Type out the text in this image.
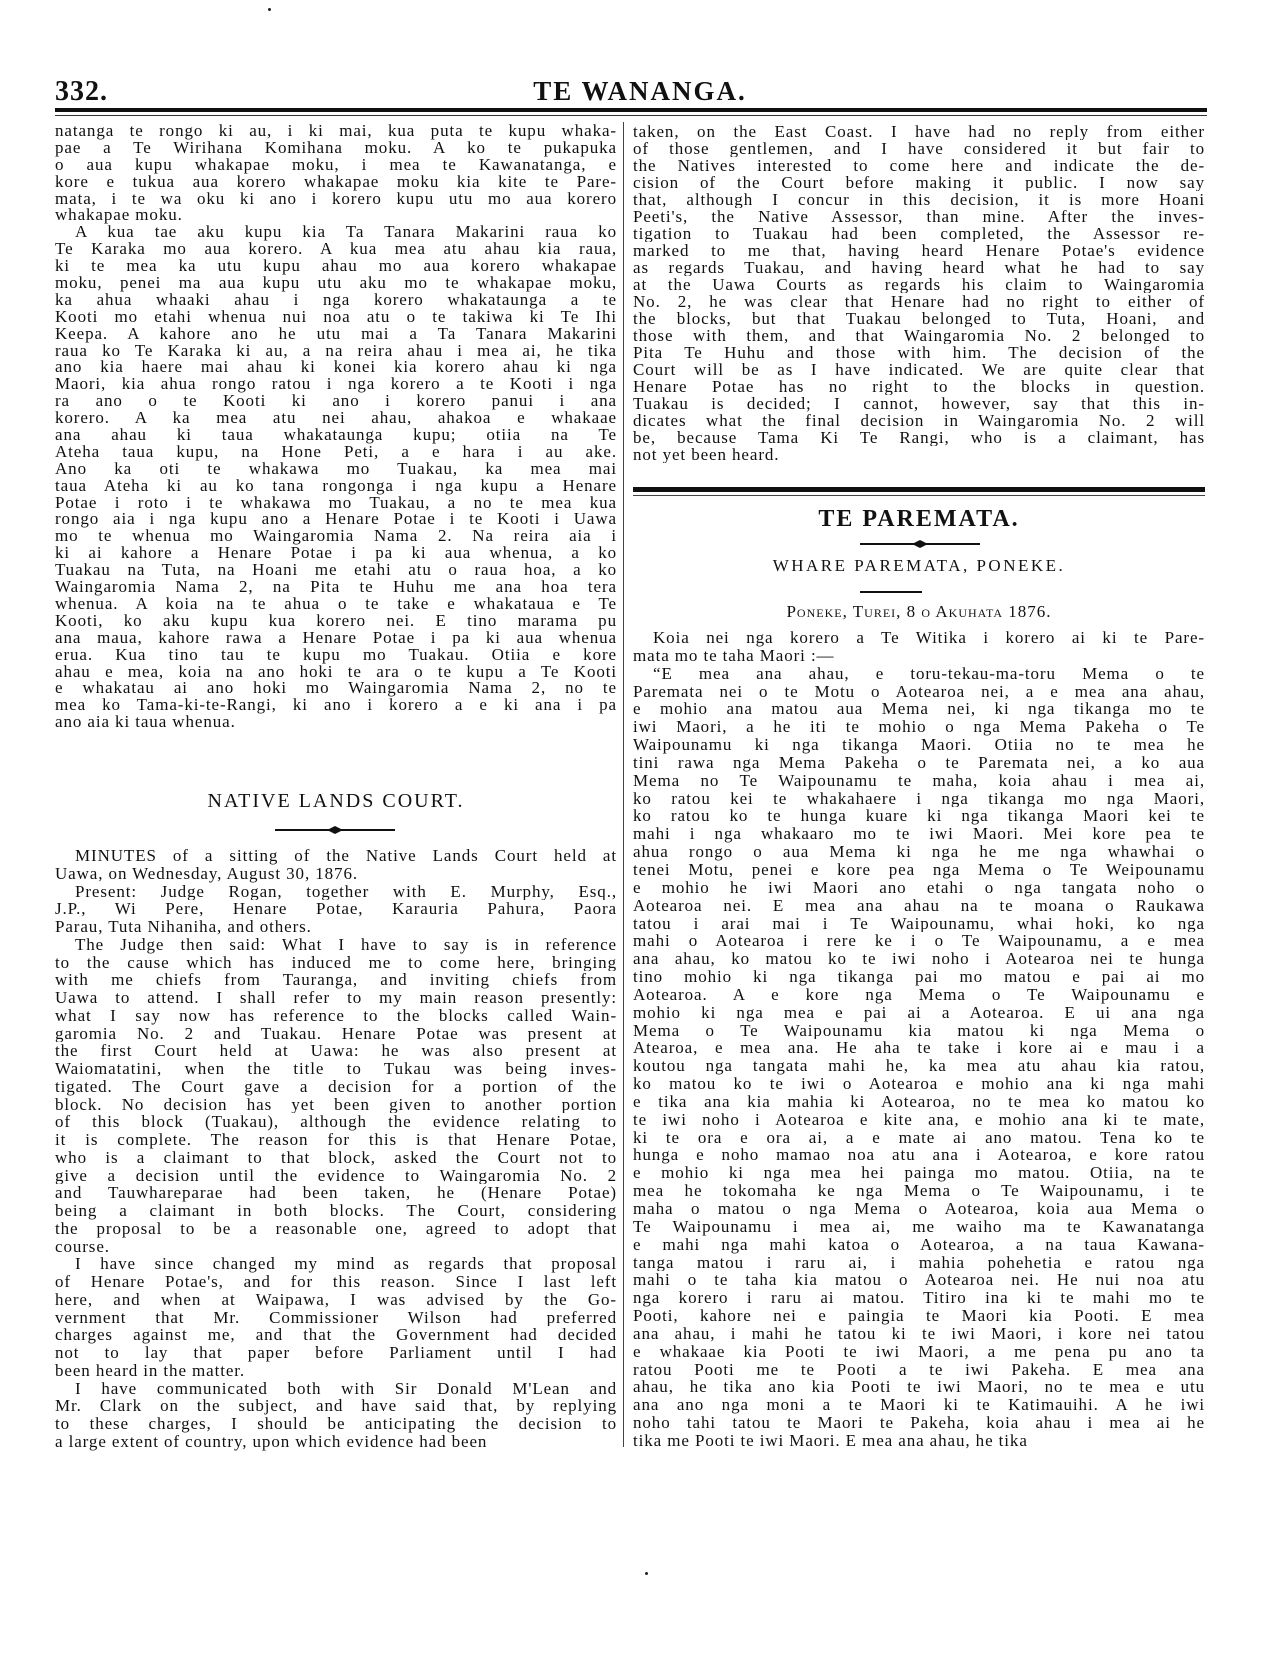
332.	TE WANANGA.
natanga te rongo ki au, i ki mai, kua puta te kupu whaka-
pae a Te Wirihana Komihana moku. A ko te pukapuka
o aua kupu whakapae moku, i mea te Kawanatanga, e
kore e tukua aua korero whakapae moku kia kite te Pare-
mata, i te wa oku ki ano i korero kupu utu mo aua korero
whakapae moku.
A kua tae aku kupu kia Ta Tanara Makarini raua ko
Te Karaka mo aua korero. A kua mea atu ahau kia raua,
ki te mea ka utu kupu ahau mo aua korero whakapae
moku, penei ma aua kupu utu aku mo te whakapae moku,
ka ahua whaaki ahau i nga korero whakataunga a te
Kooti mo etahi whenua nui noa atu o te takiwa ki Te Ihi
Keepa. A kahore ano he utu mai a Ta Tanara Makarini
raua ko Te Karaka ki au, a na reira ahau i mea ai, he tika
ano kia haere mai ahau ki konei kia korero ahau ki nga
Maori, kia ahua rongo ratou i nga korero a te Kooti i nga
ra ano o te Kooti ki ano i korero panui i ana
korero. A ka mea atu nei ahau, ahakoa e whakaae
ana ahau ki taua whakataunga kupu; otiia na Te
Ateha taua kupu, na Hone Peti, a e hara i au ake.
Ano ka oti te whakawa mo Tuakau, ka mea mai
taua Ateha ki au ko tana rongonga i nga kupu a Henare
Potae i roto i te whakawa mo Tuakau, a no te mea kua
rongo aia i nga kupu ano a Henare Potae i te Kooti i Uawa
mo te whenua mo Waingaromia Nama 2. Na reira aia i
ki ai kahore a Henare Potae i pa ki aua whenua, a ko
Tuakau na Tuta, na Hoani me etahi atu o raua hoa, a ko
Waingaromia Nama 2, na Pita te Huhu me ana hoa tera
whenua. A koia na te ahua o te take e whakataua e Te
Kooti, ko aku kupu kua korero nei. E tino marama pu
ana maua, kahore rawa a Henare Potae i pa ki aua whenua
erua. Kua tino tau te kupu mo Tuakau. Otiia e kore
ahau e mea, koia na ano hoki te ara o te kupu a Te Kooti
e whakatau ai ano hoki mo Waingaromia Nama 2, no te
mea ko Tama-ki-te-Rangi, ki ano i korero a e ki ana i pa
ano aia ki taua whenua.
NATIVE LANDS COURT.
MINUTES of a sitting of the Native Lands Court held at
Uawa, on Wednesday, August 30, 1876.
Present: Judge Rogan, together with E. Murphy, Esq.,
J.P., Wi Pere, Henare Potae, Karauria Pahura, Paora
Parau, Tuta Nihaniha, and others.
The Judge then said: What I have to say is in reference
to the cause which has induced me to come here, bringing
with me chiefs from Tauranga, and inviting chiefs from
Uawa to attend. I shall refer to my main reason presently:
what I say now has reference to the blocks called Wain-
garomia No. 2 and Tuakau. Henare Potae was present at
the first Court held at Uawa: he was also present at
Waiomatatini, when the title to Tukau was being inves-
tigated. The Court gave a decision for a portion of the
block. No decision has yet been given to another portion
of this block (Tuakau), although the evidence relating to
it is complete. The reason for this is that Henare Potae,
who is a claimant to that block, asked the Court not to
give a decision until the evidence to Waingaromia No. 2
and Tauwhareparae had been taken, he (Henare Potae)
being a claimant in both blocks. The Court, considering
the proposal to be a reasonable one, agreed to adopt that
course.
I have since changed my mind as regards that proposal
of Henare Potae's, and for this reason. Since I last left
here, and when at Waipawa, I was advised by the Go-
vernment that Mr. Commissioner Wilson had preferred
charges against me, and that the Government had decided
not to lay that paper before Parliament until I had
been heard in the matter.
I have communicated both with Sir Donald M'Lean and
Mr. Clark on the subject, and have said that, by replying
to these charges, I should be anticipating the decision to
a large extent of country, upon which evidence had been
taken, on the East Coast. I have had no reply from either
of those gentlemen, and I have considered it but fair to
the Natives interested to come here and indicate the de-
cision of the Court before making it public. I now say
that, although I concur in this decision, it is more Hoani
Peeti's, the Native Assessor, than mine. After the inves-
tigation to Tuakau had been completed, the Assessor re-
marked to me that, having heard Henare Potae's evidence
as regards Tuakau, and having heard what he had to say
at the Uawa Courts as regards his claim to Waingaromia
No. 2, he was clear that Henare had no right to either of
the blocks, but that Tuakau belonged to Tuta, Hoani, and
those with them, and that Waingaromia No. 2 belonged to
Pita Te Huhu and those with him. The decision of the
Court will be as I have indicated. We are quite clear that
Henare Potae has no right to the blocks in question.
Tuakau is decided; I cannot, however, say that this in-
dicates what the final decision in Waingaromia No. 2 will
be, because Tama Ki Te Rangi, who is a claimant, has
not yet been heard.
TE PAREMATA.
WHARE PAREMATA, PONEKE.
Poneke, Turei, 8 o Akuhata 1876.
Koia nei nga korero a Te Witika i korero ai ki te Pare-
mata mo te taha Maori :—
“E mea ana ahau, e toru-tekau-ma-toru Mema o te
Paremata nei o te Motu o Aotearoa nei, a e mea ana ahau,
e mohio ana matou aua Mema nei, ki nga tikanga mo te
iwi Maori, a he iti te mohio o nga Mema Pakeha o Te
Waipounamu ki nga tikanga Maori. Otiia no te mea he
tini rawa nga Mema Pakeha o te Paremata nei, a ko aua
Mema no Te Waipounamu te maha, koia ahau i mea ai,
ko ratou kei te whakahaere i nga tikanga mo nga Maori,
ko ratou ko te hunga kuare ki nga tikanga Maori kei te
mahi i nga whakaaro mo te iwi Maori. Mei kore pea te
ahua rongo o aua Mema ki nga he me nga whawhai o
tenei Motu, penei e kore pea nga Mema o Te Weipounamu
e mohio he iwi Maori ano etahi o nga tangata noho o
Aotearoa nei. E mea ana ahau na te moana o Raukawa
tatou i arai mai i Te Waipounamu, whai hoki, ko nga
mahi o Aotearoa i rere ke i o Te Waipounamu, a e mea
ana ahau, ko matou ko te iwi noho i Aotearoa nei te hunga
tino mohio ki nga tikanga pai mo matou e pai ai mo
Aotearoa. A e kore nga Mema o Te Waipounamu e
mohio ki nga mea e pai ai a Aotearoa. E ui ana nga
Mema o Te Waipounamu kia matou ki nga Mema o
Atearoa, e mea ana. He aha te take i kore ai e mau i a
koutou nga tangata mahi he, ka mea atu ahau kia ratou,
ko matou ko te iwi o Aotearoa e mohio ana ki nga mahi
e tika ana kia mahia ki Aotearoa, no te mea ko matou ko
te iwi noho i Aotearoa e kite ana, e mohio ana ki te mate,
ki te ora e ora ai, a e mate ai ano matou. Tena ko te
hunga e noho mamao noa atu ana i Aotearoa, e kore ratou
e mohio ki nga mea hei painga mo matou. Otiia, na te
mea he tokomaha ke nga Mema o Te Waipounamu, i te
maha o matou o nga Mema o Aotearoa, koia aua Mema o
Te Waipounamu i mea ai, me waiho ma te Kawanatanga
e mahi nga mahi katoa o Aotearoa, a na taua Kawana-
tanga matou i raru ai, i mahia pohehetia e ratou nga
mahi o te taha kia matou o Aotearoa nei. He nui noa atu
nga korero i raru ai matou. Titiro ina ki te mahi mo te
Pooti, kahore nei e paingia te Maori kia Pooti. E mea
ana ahau, i mahi he tatou ki te iwi Maori, i kore nei tatou
e whakaae kia Pooti te iwi Maori, a me pena pu ano ta
ratou Pooti me te Pooti a te iwi Pakeha. E mea ana
ahau, he tika ano kia Pooti te iwi Maori, no te mea e utu
ana ano nga moni a te Maori ki te Katimauihi. A he iwi
noho tahi tatou te Maori te Pakeha, koia ahau i mea ai he
tika me Pooti te iwi Maori. E mea ana ahau, he tika
